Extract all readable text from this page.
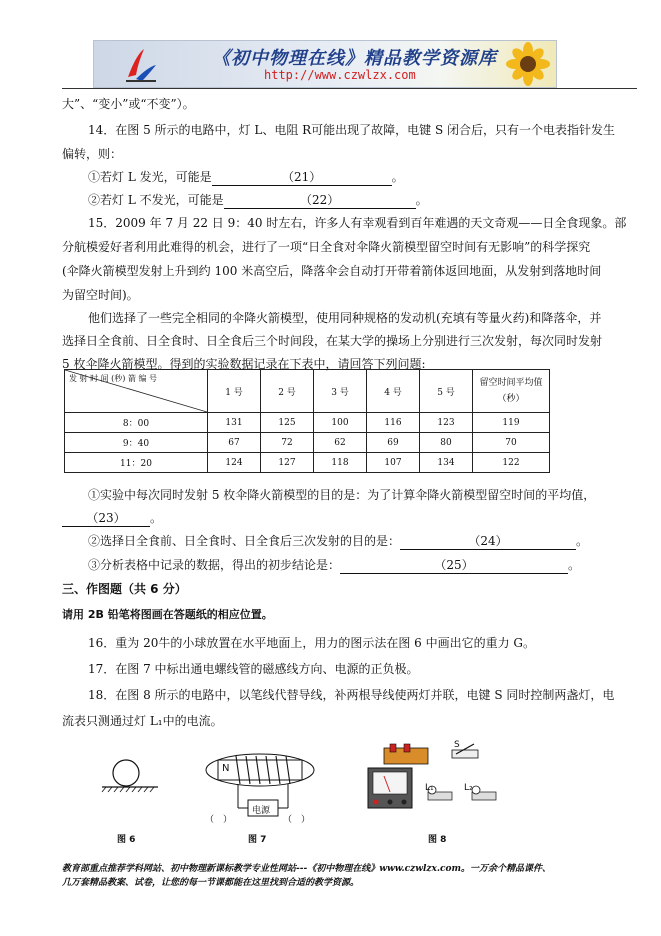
《初中物理在线》精品教学资源库
http://www.czwlzx.com
大”、“变小”或“不变”）。
14．在图 5 所示的电路中，灯 L、电阻 R可能出现了故障，电键 S 闭合后，只有一个电表指针发生
偏转，则：
①若灯 L 发光，可能是	（21）	。
②若灯 L 不发光，可能是	（22）	。
15．2009 年 7 月 22 日 9：40 时左右，许多人有幸观看到百年难遇的天文奇观——日全食现象。部
分航模爱好者利用此难得的机会，进行了一项“日全食对伞降火箭模型留空时间有无影响”的科学探究
(伞降火箭模型发射上升到约 100 米高空后，降落伞会自动打开带着箭体返回地面，从发射到落地时间
为留空时间)。
他们选择了一些完全相同的伞降火箭模型，使用同种规格的发动机(充填有等量火药)和降落伞，并
选择日全食前、日全食时、日全食后三个时间段，在某大学的操场上分别进行三次发射，每次同时发射
5 枚伞降火箭模型。得到的实验数据记录在下表中，请回答下列问题:
发 射 时 间 (秒) 箭 编 号	1 号	2 号	3 号	4 号	5 号	留空时间平均值（秒）
8：00	131	125	100	116	123	119
9：40	67	72	62	69	80	70
11：20	124	127	118	107	134	122
①实验中每次同时发射 5 枚伞降火箭模型的目的是：为了计算伞降火箭模型留空时间的平均值，
（23） 。
②选择日全食前、日全食时、日全食后三次发射的目的是：	（24）	。
③分析表格中记录的数据，得出的初步结论是：	（25）	。
三、作图题（共 6 分）
请用 2B 铅笔将图画在答题纸的相应位置。
16．重为 20牛的小球放置在水平地面上，用力的图示法在图 6 中画出它的重力 G。
17．在图 7 中标出通电螺线管的磁感线方向、电源的正负极。
18．在图 8 所示的电路中，以笔线代替导线，补两根导线使两灯并联，电键 S 同时控制两盏灯，电
流表只测通过灯 L₁中的电流。
图 6
N
电源
（　）	（　）
图 7
S
L₁	L₂
图 8
教育部重点推荐学科网站、初中物理新课标教学专业性网站---《初中物理在线》www.czwlzx.com。一万余个精品课件、
几万套精品教案、试卷，让您的每一节课都能在这里找到合适的教学资源。
